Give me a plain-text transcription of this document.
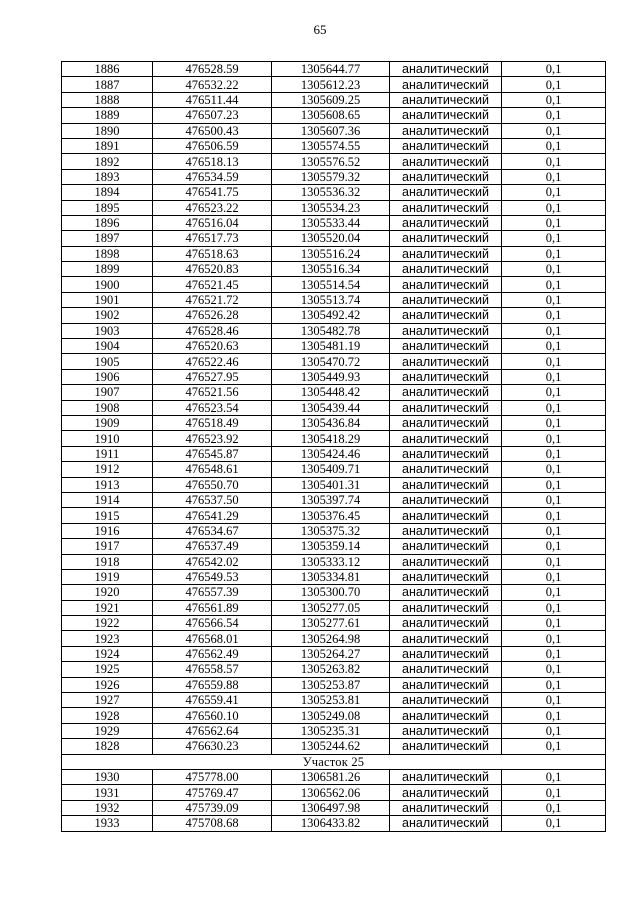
65
1886	476528.59	1305644.77	аналитический	0,1
1887	476532.22	1305612.23	аналитический	0,1
1888	476511.44	1305609.25	аналитический	0,1
1889	476507.23	1305608.65	аналитический	0,1
1890	476500.43	1305607.36	аналитический	0,1
1891	476506.59	1305574.55	аналитический	0,1
1892	476518.13	1305576.52	аналитический	0,1
1893	476534.59	1305579.32	аналитический	0,1
1894	476541.75	1305536.32	аналитический	0,1
1895	476523.22	1305534.23	аналитический	0,1
1896	476516.04	1305533.44	аналитический	0,1
1897	476517.73	1305520.04	аналитический	0,1
1898	476518.63	1305516.24	аналитический	0,1
1899	476520.83	1305516.34	аналитический	0,1
1900	476521.45	1305514.54	аналитический	0,1
1901	476521.72	1305513.74	аналитический	0,1
1902	476526.28	1305492.42	аналитический	0,1
1903	476528.46	1305482.78	аналитический	0,1
1904	476520.63	1305481.19	аналитический	0,1
1905	476522.46	1305470.72	аналитический	0,1
1906	476527.95	1305449.93	аналитический	0,1
1907	476521.56	1305448.42	аналитический	0,1
1908	476523.54	1305439.44	аналитический	0,1
1909	476518.49	1305436.84	аналитический	0,1
1910	476523.92	1305418.29	аналитический	0,1
1911	476545.87	1305424.46	аналитический	0,1
1912	476548.61	1305409.71	аналитический	0,1
1913	476550.70	1305401.31	аналитический	0,1
1914	476537.50	1305397.74	аналитический	0,1
1915	476541.29	1305376.45	аналитический	0,1
1916	476534.67	1305375.32	аналитический	0,1
1917	476537.49	1305359.14	аналитический	0,1
1918	476542.02	1305333.12	аналитический	0,1
1919	476549.53	1305334.81	аналитический	0,1
1920	476557.39	1305300.70	аналитический	0,1
1921	476561.89	1305277.05	аналитический	0,1
1922	476566.54	1305277.61	аналитический	0,1
1923	476568.01	1305264.98	аналитический	0,1
1924	476562.49	1305264.27	аналитический	0,1
1925	476558.57	1305263.82	аналитический	0,1
1926	476559.88	1305253.87	аналитический	0,1
1927	476559.41	1305253.81	аналитический	0,1
1928	476560.10	1305249.08	аналитический	0,1
1929	476562.64	1305235.31	аналитический	0,1
1828	476630.23	1305244.62	аналитический	0,1
Участок 25				
1930	475778.00	1306581.26	аналитический	0,1
1931	475769.47	1306562.06	аналитический	0,1
1932	475739.09	1306497.98	аналитический	0,1
1933	475708.68	1306433.82	аналитический	0,1
